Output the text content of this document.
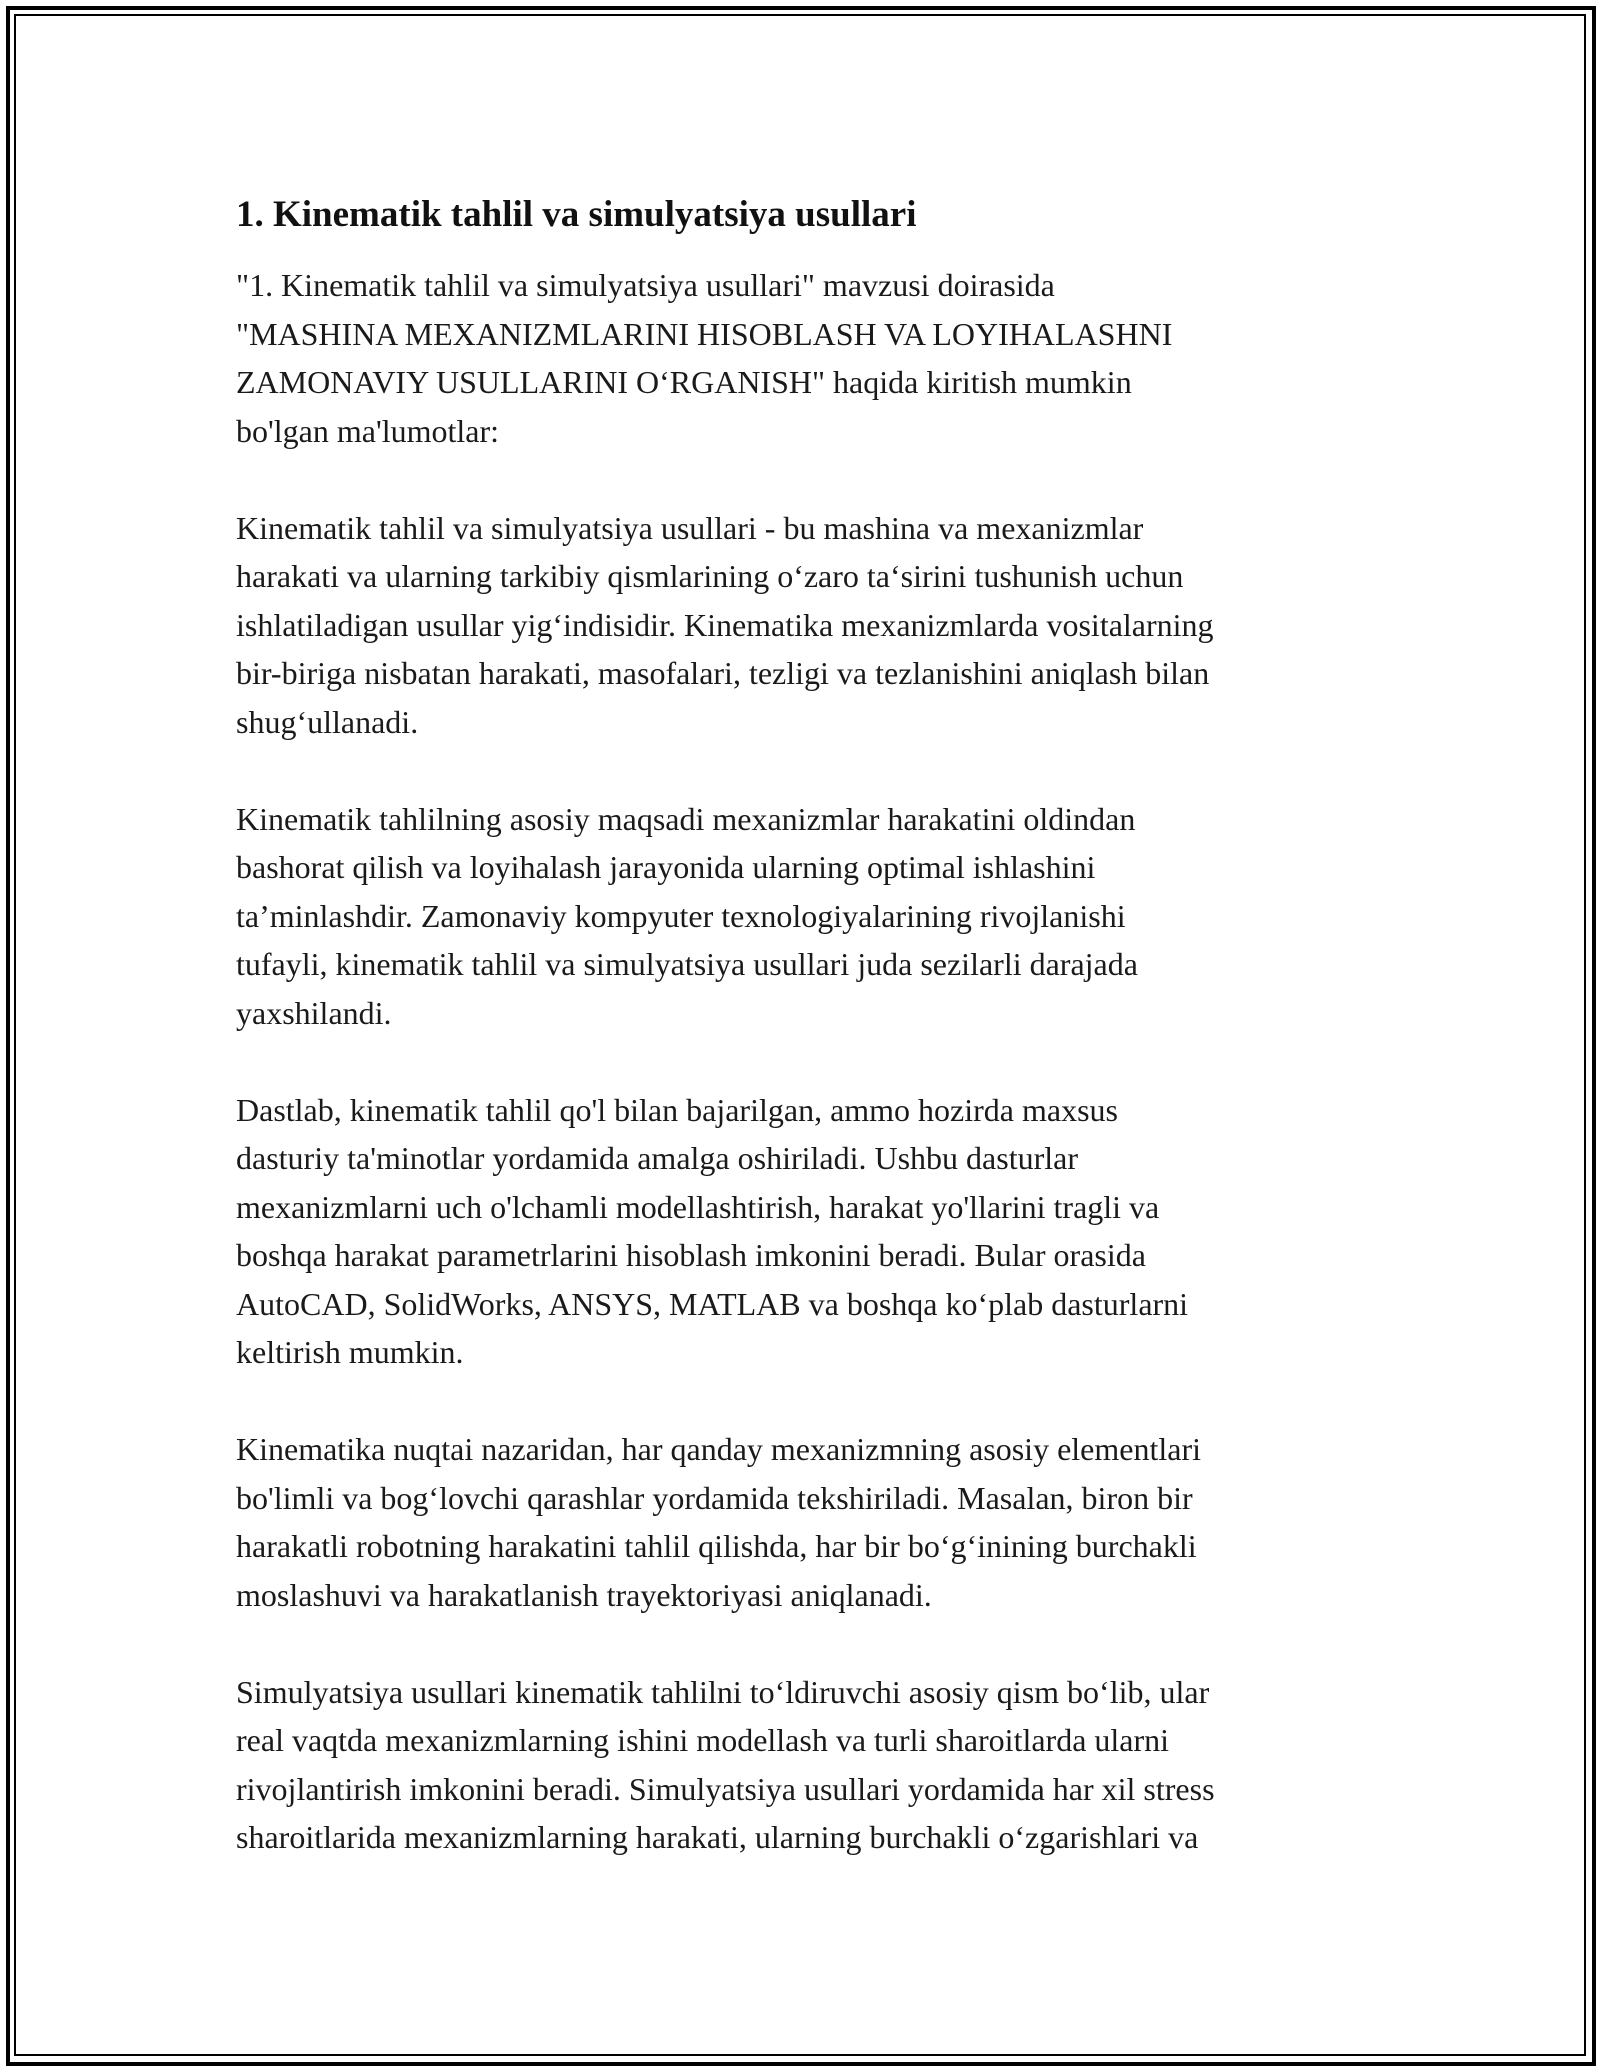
1. Kinematik tahlil va simulyatsiya usullari

"1. Kinematik tahlil va simulyatsiya usullari" mavzusi doirasida
"MASHINA MEXANIZMLARINI HISOBLASH VA LOYIHALASHNI
ZAMONAVIY USULLARINI O‘RGANISH" haqida kiritish mumkin
bo'lgan ma'lumotlar:

Kinematik tahlil va simulyatsiya usullari - bu mashina va mexanizmlar
harakati va ularning tarkibiy qismlarining o‘zaro ta‘sirini tushunish uchun
ishlatiladigan usullar yig‘indisidir. Kinematika mexanizmlarda vositalarning
bir-biriga nisbatan harakati, masofalari, tezligi va tezlanishini aniqlash bilan
shug‘ullanadi.

Kinematik tahlilning asosiy maqsadi mexanizmlar harakatini oldindan
bashorat qilish va loyihalash jarayonida ularning optimal ishlashini
ta’minlashdir. Zamonaviy kompyuter texnologiyalarining rivojlanishi
tufayli, kinematik tahlil va simulyatsiya usullari juda sezilarli darajada
yaxshilandi.

Dastlab, kinematik tahlil qo'l bilan bajarilgan, ammo hozirda maxsus
dasturiy ta'minotlar yordamida amalga oshiriladi. Ushbu dasturlar
mexanizmlarni uch o'lchamli modellashtirish, harakat yo'llarini tragli va
boshqa harakat parametrlarini hisoblash imkonini beradi. Bular orasida
AutoCAD, SolidWorks, ANSYS, MATLAB va boshqa ko‘plab dasturlarni
keltirish mumkin.

Kinematika nuqtai nazaridan, har qanday mexanizmning asosiy elementlari
bo'limli va bog‘lovchi qarashlar yordamida tekshiriladi. Masalan, biron bir
harakatli robotning harakatini tahlil qilishda, har bir bo‘g‘inining burchakli
moslashuvi va harakatlanish trayektoriyasi aniqlanadi.

Simulyatsiya usullari kinematik tahlilni to‘ldiruvchi asosiy qism bo‘lib, ular
real vaqtda mexanizmlarning ishini modellash va turli sharoitlarda ularni
rivojlantirish imkonini beradi. Simulyatsiya usullari yordamida har xil stress
sharoitlarida mexanizmlarning harakati, ularning burchakli o‘zgarishlari va
